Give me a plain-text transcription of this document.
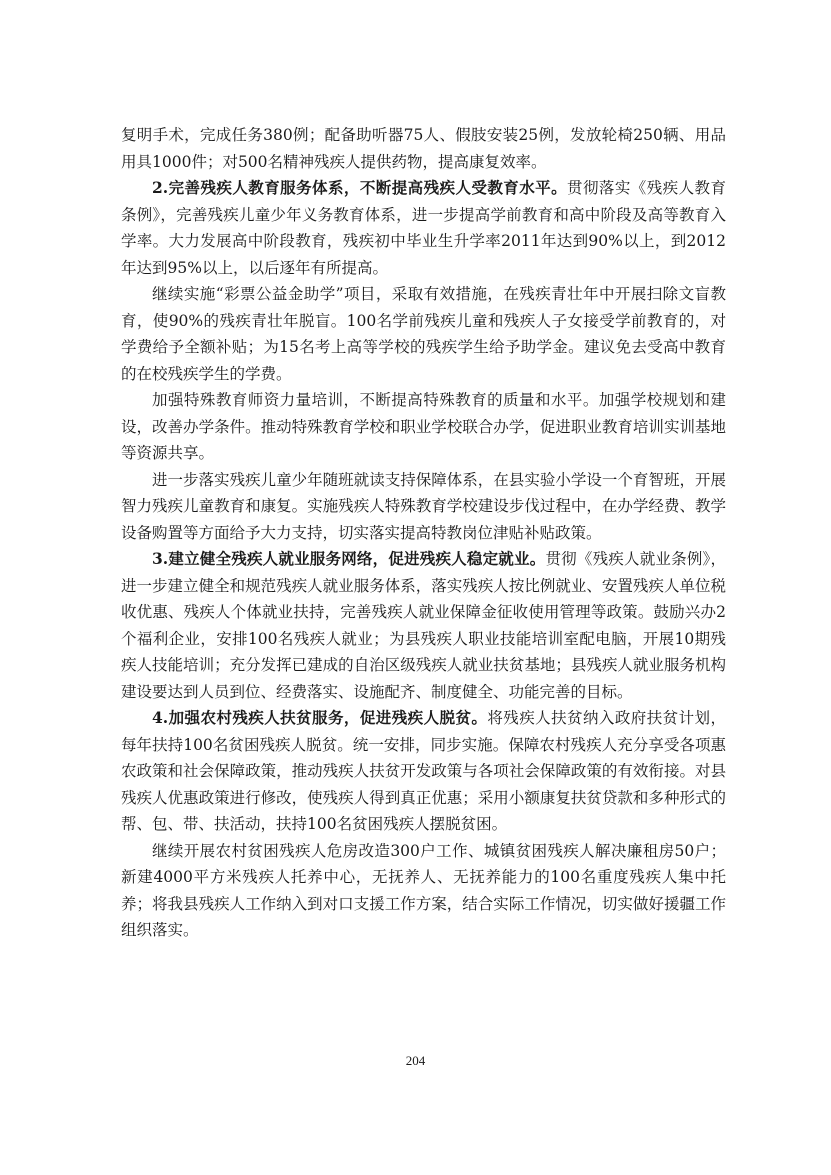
复明手术，完成任务380例；配备助听器75人、假肢安装25例，发放轮椅250辆、用品用具1000件；对500名精神残疾人提供药物，提高康复效率。

2.完善残疾人教育服务体系，不断提高残疾人受教育水平。贯彻落实《残疾人教育条例》，完善残疾儿童少年义务教育体系，进一步提高学前教育和高中阶段及高等教育入学率。大力发展高中阶段教育，残疾初中毕业生升学率2011年达到90%以上，到2012年达到95%以上，以后逐年有所提高。

继续实施“彩票公益金助学”项目，采取有效措施，在残疾青壮年中开展扫除文盲教育，使90%的残疾青壮年脱盲。100名学前残疾儿童和残疾人子女接受学前教育的，对学费给予全额补贴；为15名考上高等学校的残疾学生给予助学金。建议免去受高中教育的在校残疾学生的学费。

加强特殊教育师资力量培训，不断提高特殊教育的质量和水平。加强学校规划和建设，改善办学条件。推动特殊教育学校和职业学校联合办学，促进职业教育培训实训基地等资源共享。

进一步落实残疾儿童少年随班就读支持保障体系，在县实验小学设一个育智班，开展智力残疾儿童教育和康复。实施残疾人特殊教育学校建设步伐过程中，在办学经费、教学设备购置等方面给予大力支持，切实落实提高特教岗位津贴补贴政策。

3.建立健全残疾人就业服务网络，促进残疾人稳定就业。贯彻《残疾人就业条例》，进一步建立健全和规范残疾人就业服务体系，落实残疾人按比例就业、安置残疾人单位税收优惠、残疾人个体就业扶持，完善残疾人就业保障金征收使用管理等政策。鼓励兴办2个福利企业，安排100名残疾人就业；为县残疾人职业技能培训室配电脑，开展10期残疾人技能培训；充分发挥已建成的自治区级残疾人就业扶贫基地；县残疾人就业服务机构建设要达到人员到位、经费落实、设施配齐、制度健全、功能完善的目标。

4.加强农村残疾人扶贫服务，促进残疾人脱贫。将残疾人扶贫纳入政府扶贫计划，每年扶持100名贫困残疾人脱贫。统一安排，同步实施。保障农村残疾人充分享受各项惠农政策和社会保障政策，推动残疾人扶贫开发政策与各项社会保障政策的有效衔接。对县残疾人优惠政策进行修改，使残疾人得到真正优惠；采用小额康复扶贫贷款和多种形式的帮、包、带、扶活动，扶持100名贫困残疾人摆脱贫困。

继续开展农村贫困残疾人危房改造300户工作、城镇贫困残疾人解决廉租房50户；新建4000平方米残疾人托养中心，无抚养人、无抚养能力的100名重度残疾人集中托养；将我县残疾人工作纳入到对口支援工作方案，结合实际工作情况，切实做好援疆工作组织落实。

204
